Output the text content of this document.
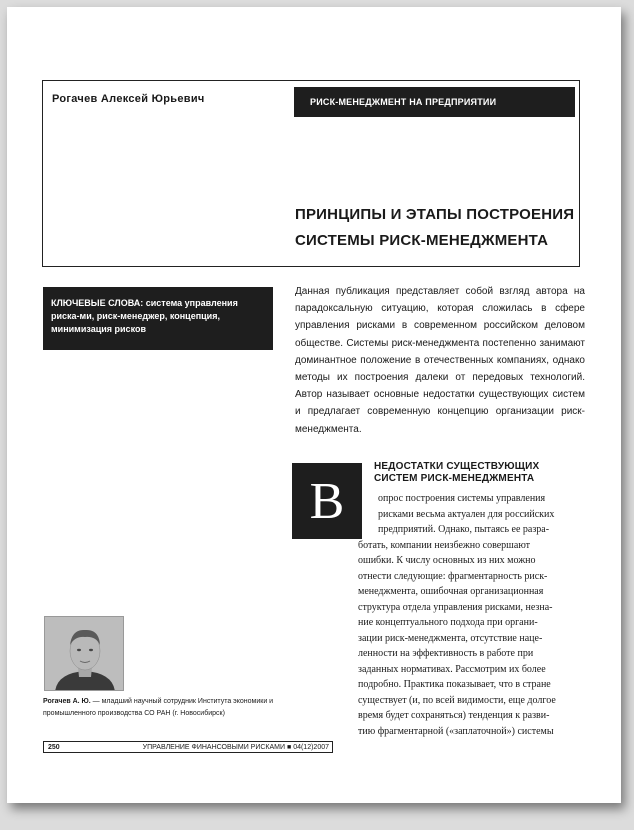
Рогачев Алексей Юрьевич	РИСК-МЕНЕДЖМЕНТ НА ПРЕДПРИЯТИИ
ПРИНЦИПЫ И ЭТАПЫ ПОСТРОЕНИЯ
СИСТЕМЫ РИСК-МЕНЕДЖМЕНТА
КЛЮЧЕВЫЕ СЛОВА: система управления риска-ми, риск-менеджер, концепция, минимизация рисков
Данная публикация представляет собой взгляд автора на парадоксальную ситуацию, которая сложилась в сфере управления рисками в современном российском деловом обществе. Системы риск-менеджмента постепенно занимают доминантное положение в отечественных компаниях, однако методы их построения далеки от передовых технологий. Автор называет основные недостатки существующих систем и предлагает современную концепцию организации риск-менеджмента.
В
НЕДОСТАТКИ СУЩЕСТВУЮЩИХ
СИСТЕМ РИСК-МЕНЕДЖМЕНТА
опрос построения системы управления
рисками весьма актуален для российских
предприятий. Однако, пытаясь ее разра-
ботать, компании неизбежно совершают
ошибки. К числу основных из них можно
отнести следующие: фрагментарность риск-
менеджмента, ошибочная организационная
структура отдела управления рисками, незна-
ние концептуального подхода при органи-
зации риск-менеджмента, отсутствие наце-
ленности на эффективность в работе при
заданных нормативах. Рассмотрим их более
подробно. Практика показывает, что в стране
существует (и, по всей видимости, еще долгое
время будет сохраняться) тенденция к разви-
тию фрагментарной («заплаточной») системы
Рогачев А. Ю. — младший научный сотрудник Института экономики и промышленного производства СО РАН (г. Новосибирск)
250	УПРАВЛЕНИЕ ФИНАНСОВЫМИ РИСКАМИ ■ 04(12)2007
